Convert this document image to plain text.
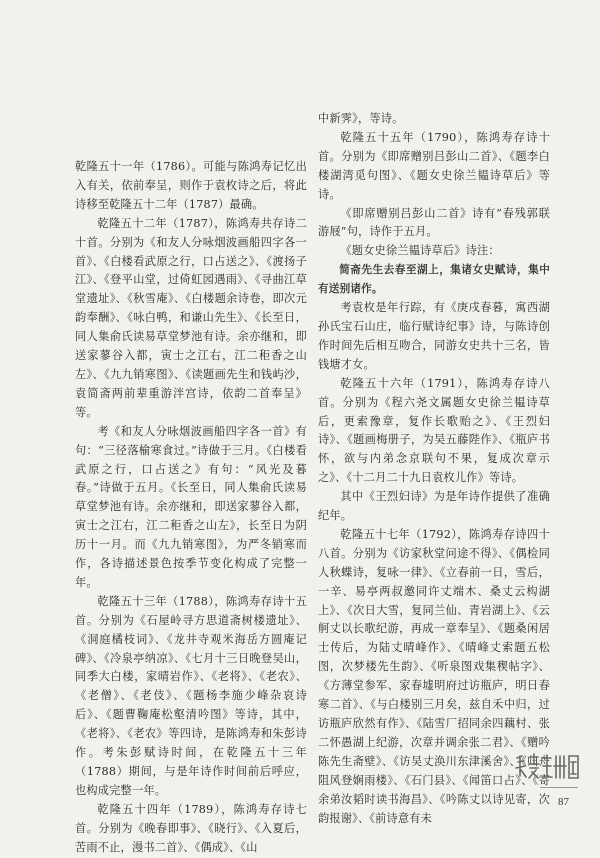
乾隆五十一年（1786）。可能与陈鸿寿记忆出入有关，依前奉呈，则作于袁枚诗之后，将此诗移至乾隆五十二年（1787）最确。

乾隆五十二年（1787），陈鸿寿共存诗二十首。分别为《和友人分咏烟波画船四字各一首》、《白楼看武原之行，口占送之》、《渡扬子江》、《登平山堂，过倚虹园遇雨》、《寻曲江草堂遗址》、《秋雪庵》、《白楼题余诗卷，即次元韵奉酬》、《咏白鸭，和谦山先生》、《长至日，同人集俞氏读易草堂梦池有诗。余亦继和，即送家蓼谷入都，寅士之江右，江二秬香之山左》、《九九销寒图》、《读题画先生和钱屿沙，袁简斋两前辈重游泮宫诗，依韵二首奉呈》等。

考《和友人分咏烟波画船四字各一首》有句：“三径落榆寒食过。”诗做于三月。《白楼看武原之行，口占送之》有句：“风光及暮春。”诗做于五月。《长至日，同人集俞氏读易草堂梦池有诗。余亦继和，即送家蓼谷入都，寅士之江右，江二秬香之山左》，长至日为阴历十一月。而《九九销寒图》，为严冬销寒而作，各诗描述景色按季节变化构成了完整一年。

乾隆五十三年（1788），陈鸿寿存诗十五首。分别为《石屋岭寻方思道斋树楼遗址》、《洞庭橘枝词》、《龙井寺观米海岳方圆庵记碑》、《冷泉亭纳凉》、《七月十三日晚登吴山，同季大白楼，家晴岩作》、《老将》、《老农》、《老僧》、《老伎》、《题杨李施少峰杂哀诗后》、《题曹鞠庵松壑清吟图》等诗，其中，《老将》、《老农》等四诗，是陈鸿寿和朱彭诗作。考朱彭赋诗时间，在乾隆五十三年（1788）期间，与是年诗作时间前后呼应，也构成完整一年。

乾隆五十四年（1789），陈鸿寿存诗七首。分别为《晚春即事》、《晓行》、《入夏后，苦雨不止，漫书二首》、《偶成》、《山

中新霁》，等诗。

乾隆五十五年（1790），陈鸿寿存诗十首。分别为《即席赠别吕彭山二首》、《题李白楼湖湾觅句图》、《题女史徐兰韫诗草后》等诗。

《即席赠别吕彭山二首》诗有“春残郭联游屐”句，诗作于五月。

《题女史徐兰韫诗草后》诗注：

简斋先生去春至湖上，集诸女史赋诗，集中有送别诸作。

考袁枚是年行踪，有《庚戌春暮，寓西湖孙氏宝石山庄，临行赋诗纪事》诗，与陈诗创作时间先后相互吻合，同游女史共十三名，皆钱塘才女。

乾隆五十六年（1791），陈鸿寿存诗八首。分别为《程六尧文属题女史徐兰韫诗草后，更索豫章，复作长歌贻之》、《王烈妇诗》、《题画梅册子，为吴五藤陛作》、《瓶庐书怀，欲与内弟念京联句不果，复成次章示之》、《十二月二十九日袁枚儿作》等诗。

其中《王烈妇诗》为是年诗作提供了准确纪年。

乾隆五十七年（1792），陈鸿寿存诗四十八首。分别为《访家秋堂问途不得》、《偶检同人秋蝶诗，复咏一律》、《立春前一日，雪后，一辛、易亭两叔邀同许丈端木、桑丈云构湖上》、《次日大雪，复同兰仙、青岩湖上》、《云舸丈以长歌纪游，再成一章奉呈》、《题桑闲居士传后，为陆丈晴峰作》、《晴峰丈索题五松图，次梦楼先生韵》、《听泉图戏集稧帖字》、《方薄堂参军、家春墟明府过访瓶庐，明日春寒二首》、《与白楼别三月矣，兹自禾中归，过访瓶庐欣然有作》、《陆雪厂招同余四藕村、张二怀愚湖上纪游，次章并调余张二君》、《赠吟陈先生斋壁》、《访吴丈涣川东津溪舍》、《归舟阻风登娴雨楼》、《石门县》、《闻笛口占》、《寄余弟汝韬时读书海昌》、《吟陈丈以诗见寄，次韵报谢》、《前诗意有未

87
